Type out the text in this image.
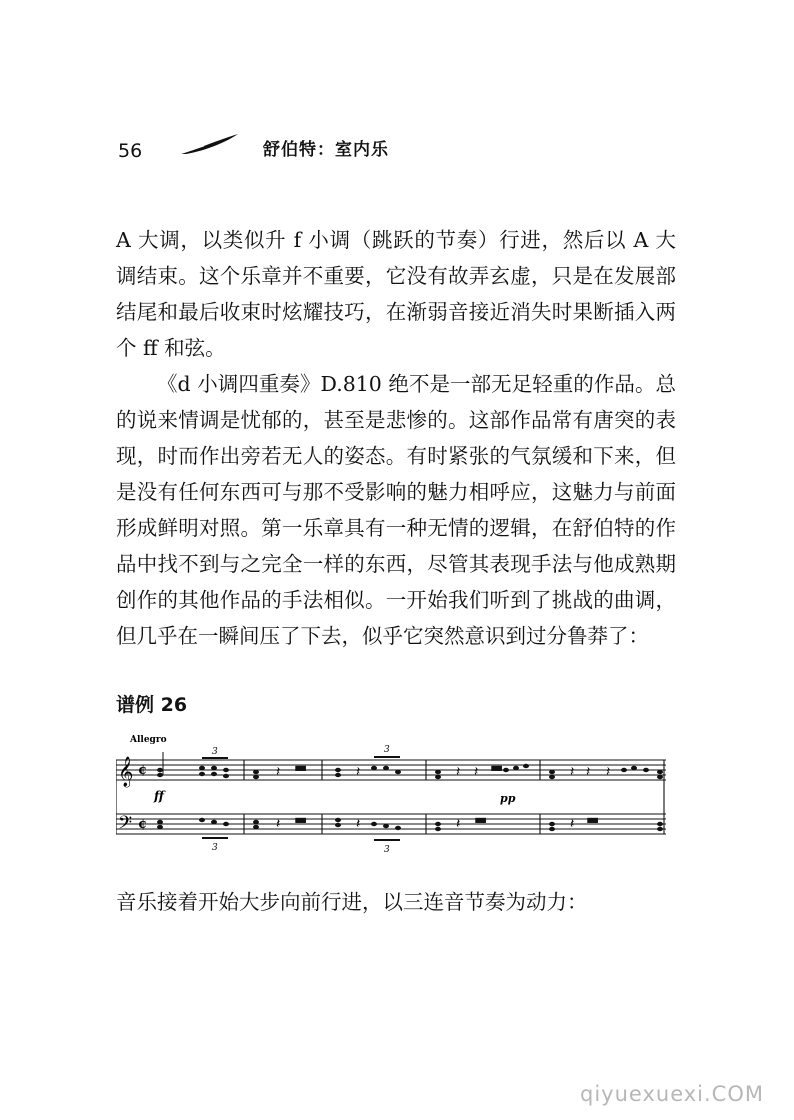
56	舒伯特：室内乐

A 大调，以类似升 f 小调（跳跃的节奏）行进，然后以 A 大调结束。这个乐章并不重要，它没有故弄玄虚，只是在发展部结尾和最后收束时炫耀技巧，在渐弱音接近消失时果断插入两个 ff 和弦。

《d 小调四重奏》D.810 绝不是一部无足轻重的作品。总的说来情调是忧郁的，甚至是悲惨的。这部作品常有唐突的表现，时而作出旁若无人的姿态。有时紧张的气氛缓和下来，但是没有任何东西可与那不受影响的魅力相呼应，这魅力与前面形成鲜明对照。第一乐章具有一种无情的逻辑，在舒伯特的作品中找不到与之完全一样的东西，尽管其表现手法与他成熟期创作的其他作品的手法相似。一开始我们听到了挑战的曲调，但几乎在一瞬间压了下去，似乎它突然意识到过分鲁莽了：

谱例 26
Allegro
𝄞
𝄢
¢
¢
𝄽 ▬	𝄽	𝄽 𝄽 ▬	𝄽 𝄽 𝄽
𝄽 ▬	𝄽	𝄽 ▬	𝄽 ▬
ff	pp
3	3
3	3
音乐接着开始大步向前行进，以三连音节奏为动力：
qiyuexuexi.COM
